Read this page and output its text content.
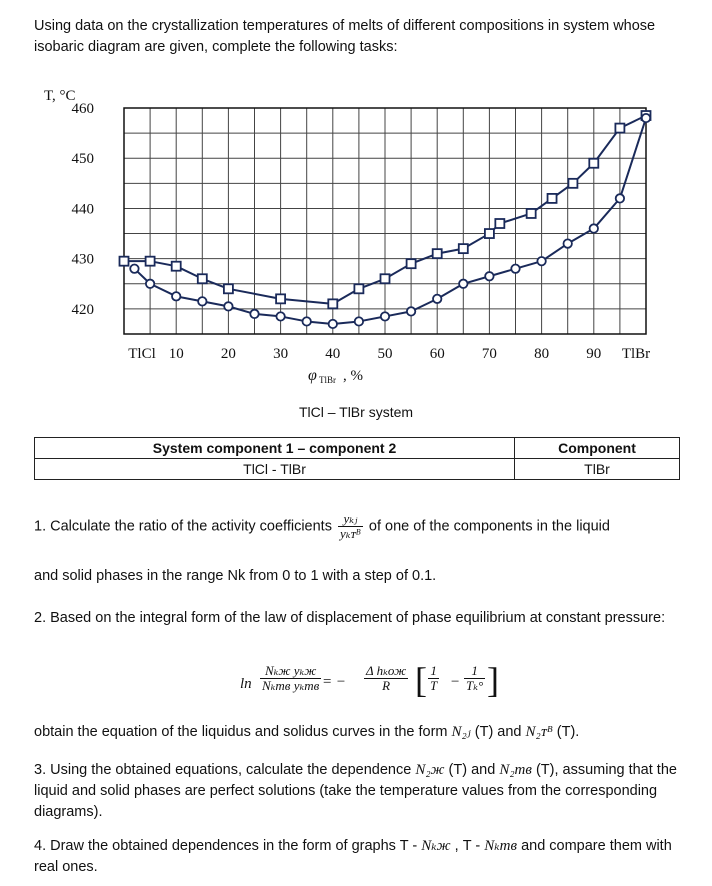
Using data on the crystallization temperatures of melts of different compositions in system whose isobaric diagram are given, complete the following tasks:
460
450
440
430
420
TlCl 10 20 30 40 50 60 70 80 90 TlBr
T, °C
φ TlBr , %
TlCl – TlBr system
System component 1 – component 2	Component
TlCl - TlBr	TlBr
1. Calculate the ratio of the activity coefficients $\frac{\text{yₖⱼ}}{\text{yₖᴛᴮ}}$ of one of the components in the liquid
and solid phases in the range Nk from 0 to 1 with a step of 0.1.
2. Based on the integral form of the law of displacement of phase equilibrium at constant pressure:
ln
Nₖж yₖж
Nₖтв yₖтв = −
Δ hₖож
R [ $\frac{1}{T} - \frac{1}{\text{Tₖ°}}$ ]
obtain the equation of the liquidus and solidus curves in the form N₂ⱼ (T) and N₂ᴛᴮ (T).
3. Using the obtained equations, calculate the dependence N₂ж (T) and N₂тв (T), assuming that the liquid and solid phases are perfect solutions (take the temperature values from the corresponding diagrams).
4. Draw the obtained dependences in the form of graphs T - Nₖж , T - Nₖтв and compare them with real ones.
